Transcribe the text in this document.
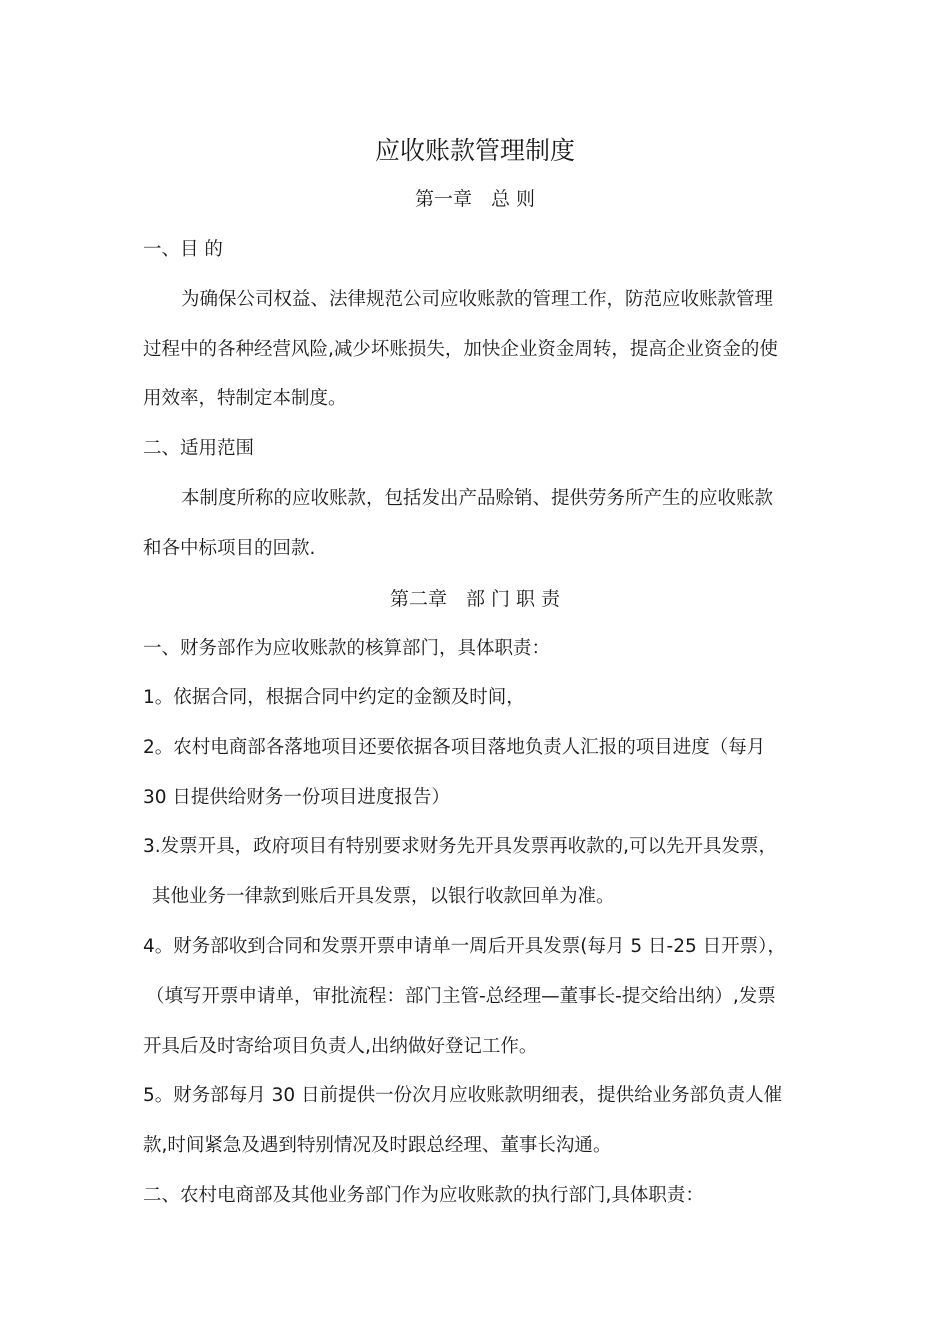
应收账款管理制度
第一章　总 则
一、目 的
为确保公司权益、法律规范公司应收账款的管理工作，防范应收账款管理
过程中的各种经营风险,减少坏账损失，加快企业资金周转，提高企业资金的使
用效率，特制定本制度。
二、适用范围
本制度所称的应收账款，包括发出产品赊销、提供劳务所产生的应收账款
和各中标项目的回款.
第二章　部 门 职 责
一、财务部作为应收账款的核算部门，具体职责：
1。依据合同，根据合同中约定的金额及时间，
2。农村电商部各落地项目还要依据各项目落地负责人汇报的项目进度（每月
30 日提供给财务一份项目进度报告）
3.发票开具，政府项目有特别要求财务先开具发票再收款的,可以先开具发票，
其他业务一律款到账后开具发票，以银行收款回单为准。
4。财务部收到合同和发票开票申请单一周后开具发票(每月 5 日-25 日开票），
（填写开票申请单，审批流程：部门主管-总经理—董事长-提交给出纳）,发票
开具后及时寄给项目负责人,出纳做好登记工作。
5。财务部每月 30 日前提供一份次月应收账款明细表，提供给业务部负责人催
款,时间紧急及遇到特别情况及时跟总经理、董事长沟通。
二、农村电商部及其他业务部门作为应收账款的执行部门,具体职责：
